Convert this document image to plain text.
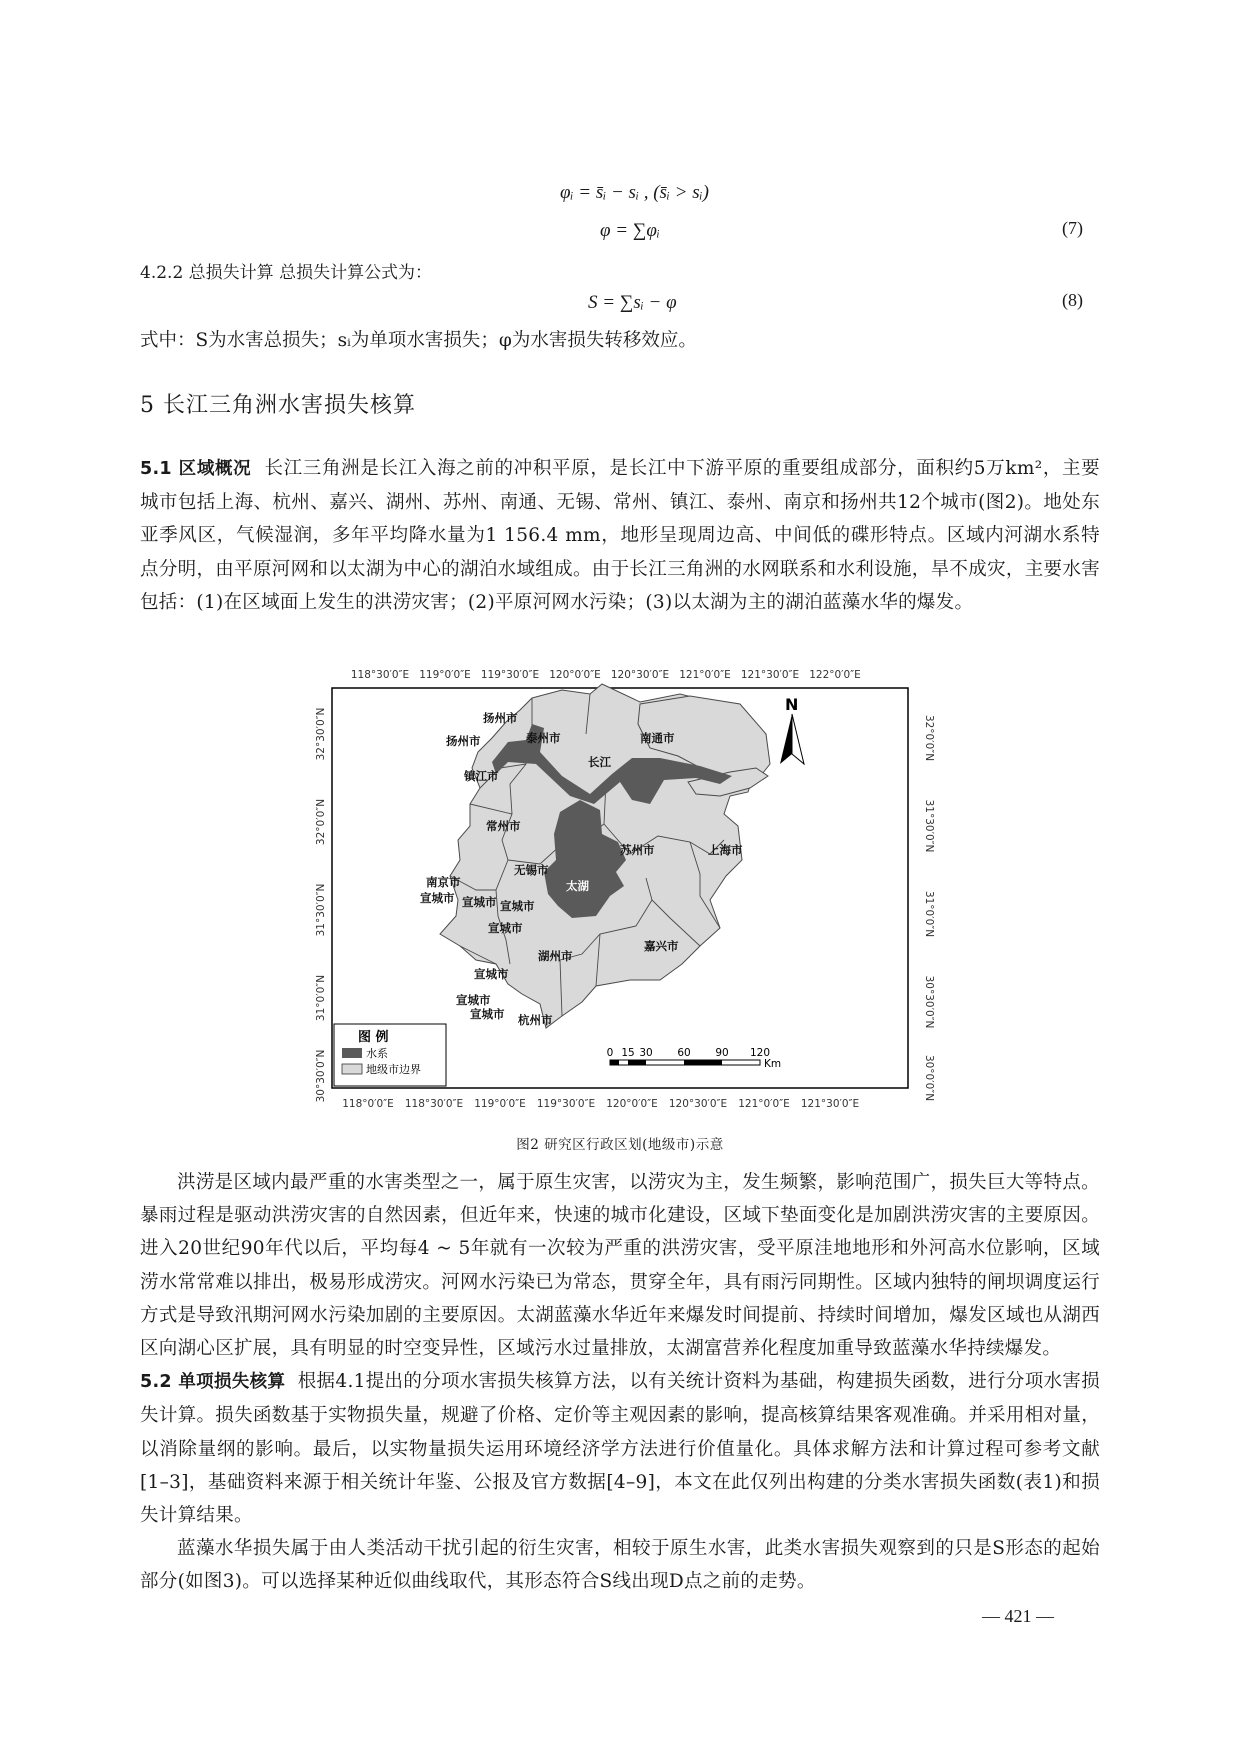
φᵢ = s̄ᵢ − sᵢ , (s̄ᵢ > sᵢ)
φ = ∑φᵢ	(7)
4.2.2 总损失计算 总损失计算公式为：
S = ∑sᵢ − φ	(8)
式中：S为水害总损失；sᵢ为单项水害损失；φ为水害损失转移效应。
5 长江三角洲水害损失核算

5.1 区域概况 长江三角洲是长江入海之前的冲积平原，是长江中下游平原的重要组成部分，面积约5万km²，主要城市包括上海、杭州、嘉兴、湖州、苏州、南通、无锡、常州、镇江、泰州、南京和扬州共12个城市(图2)。地处东亚季风区，气候湿润，多年平均降水量为1 156.4 mm，地形呈现周边高、中间低的碟形特点。区域内河湖水系特点分明，由平原河网和以太湖为中心的湖泊水域组成。由于长江三角洲的水网联系和水利设施，旱不成灾，主要水害包括：(1)在区域面上发生的洪涝灾害；(2)平原河网水污染；(3)以太湖为主的湖泊蓝藻水华的爆发。

118°30′0″E 119°0′0″E 119°30′0″E 120°0′0″E 120°30′0″E 121°0′0″E 121°30′0″E 122°0′0″E
118°0′0″E 118°30′0″E 119°0′0″E 119°30′0″E 120°0′0″E 120°30′0″E 121°0′0″E 121°30′0″E
32°30′0″N
32°0′0″N
31°30′0″N
31°0′0″N
30°30′0″N
32°0′0″N
31°30′0″N
31°0′0″N
30°30′0″N
30°0′0″N
扬州市
扬州市	泰州市	南通市
长江
镇江市
常州市
苏州市	上海市
无锡市
太湖
南京市
宣城市 宣城市 宣城市
宣城市
湖州市
嘉兴市
宣城市
宣城市
宣城市 杭州市
N
图 例
水系
地级市边界
0 15 30 60 90 120
Km
图2 研究区行政区划(地级市)示意

洪涝是区域内最严重的水害类型之一，属于原生灾害，以涝灾为主，发生频繁，影响范围广，损失巨大等特点。暴雨过程是驱动洪涝灾害的自然因素，但近年来，快速的城市化建设，区域下垫面变化是加剧洪涝灾害的主要原因。进入20世纪90年代以后，平均每4 ~ 5年就有一次较为严重的洪涝灾害，受平原洼地地形和外河高水位影响，区域涝水常常难以排出，极易形成涝灾。河网水污染已为常态，贯穿全年，具有雨污同期性。区域内独特的闸坝调度运行方式是导致汛期河网水污染加剧的主要原因。太湖蓝藻水华近年来爆发时间提前、持续时间增加，爆发区域也从湖西区向湖心区扩展，具有明显的时空变异性，区域污水过量排放，太湖富营养化程度加重导致蓝藻水华持续爆发。

5.2 单项损失核算 根据4.1提出的分项水害损失核算方法，以有关统计资料为基础，构建损失函数，进行分项水害损失计算。损失函数基于实物损失量，规避了价格、定价等主观因素的影响，提高核算结果客观准确。并采用相对量，以消除量纲的影响。最后，以实物量损失运用环境经济学方法进行价值量化。具体求解方法和计算过程可参考文献[1–3]，基础资料来源于相关统计年鉴、公报及官方数据[4–9]，本文在此仅列出构建的分类水害损失函数(表1)和损失计算结果。

蓝藻水华损失属于由人类活动干扰引起的衍生灾害，相较于原生水害，此类水害损失观察到的只是S形态的起始部分(如图3)。可以选择某种近似曲线取代，其形态符合S线出现D点之前的走势。

— 421 —
